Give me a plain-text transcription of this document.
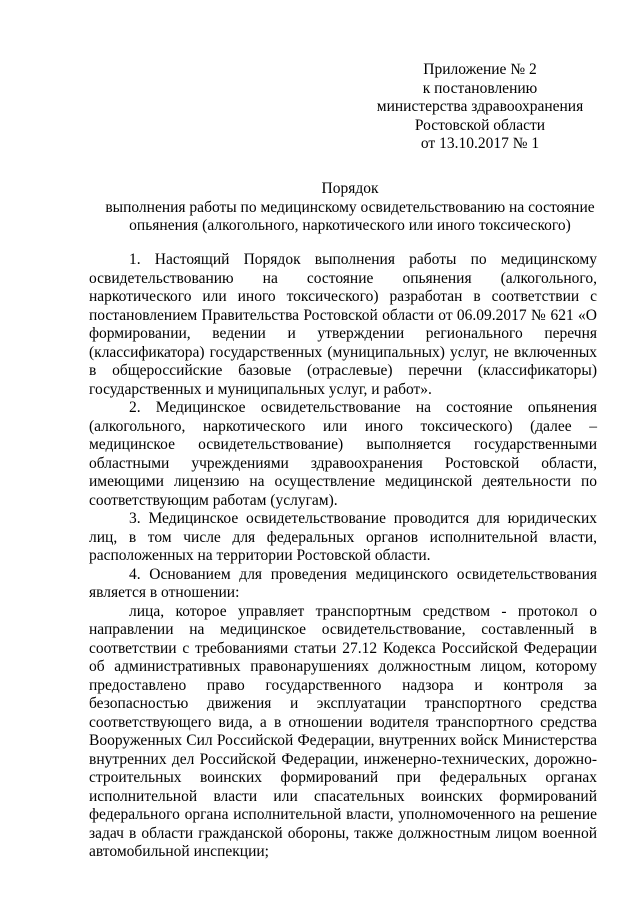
Приложение № 2
к постановлению
министерства здравоохранения
Ростовской области
от 13.10.2017 № 1
Порядок
выполнения работы по медицинскому освидетельствованию на состояние
опьянения (алкогольного, наркотического или иного токсического)

1. Настоящий Порядок выполнения работы по медицинскому освидетельствованию на состояние опьянения (алкогольного, наркотического или иного токсического) разработан в соответствии с постановлением Правительства Ростовской области от 06.09.2017 № 621 «О формировании, ведении и утверждении регионального перечня (классификатора) государственных (муниципальных) услуг, не включенных в общероссийские базовые (отраслевые) перечни (классификаторы) государственных и муниципальных услуг, и работ».

2. Медицинское освидетельствование на состояние опьянения (алкогольного, наркотического или иного токсического) (далее – медицинское освидетельствование) выполняется государственными областными учреждениями здравоохранения Ростовской области, имеющими лицензию на осуществление медицинской деятельности по соответствующим работам (услугам).

3. Медицинское освидетельствование проводится для юридических лиц, в том числе для федеральных органов исполнительной власти, расположенных на территории Ростовской области.

4. Основанием для проведения медицинского освидетельствования является в отношении:

лица, которое управляет транспортным средством - протокол о направлении на медицинское освидетельствование, составленный в соответствии с требованиями статьи 27.12 Кодекса Российской Федерации об административных правонарушениях должностным лицом, которому предоставлено право государственного надзора и контроля за безопасностью движения и эксплуатации транспортного средства соответствующего вида, а в отношении водителя транспортного средства Вооруженных Сил Российской Федерации, внутренних войск Министерства внутренних дел Российской Федерации, инженерно-технических, дорожно-строительных воинских формирований при федеральных органах исполнительной власти или спасательных воинских формирований федерального органа исполнительной власти, уполномоченного на решение задач в области гражданской обороны, также должностным лицом военной автомобильной инспекции;
